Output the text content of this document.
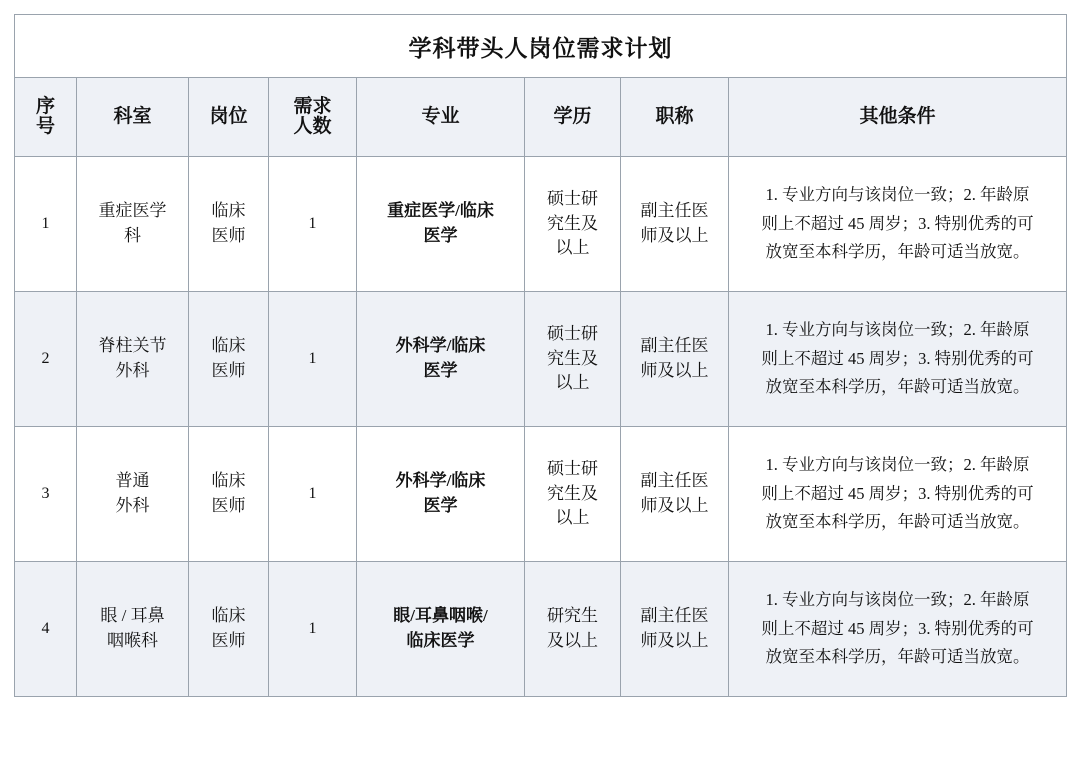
学科带头人岗位需求计划							

序
号	科室	岗位	需求
人数	专业	学历	职称	其他条件
1	重症医学
科	临床
医师	1	重症医学/临床
医学	硕士研
究生及
以上	副主任医
师及以上	1. 专业方向与该岗位一致；2. 年龄原
则上不超过 45 周岁；3. 特别优秀的可
放宽至本科学历，年龄可适当放宽。

2	脊柱关节
外科	临床
医师	1	外科学/临床
医学	硕士研
究生及
以上	副主任医
师及以上	1. 专业方向与该岗位一致；2. 年龄原
则上不超过 45 周岁；3. 特别优秀的可
放宽至本科学历，年龄可适当放宽。

3	普通
外科	临床
医师	1	外科学/临床
医学	硕士研
究生及
以上	副主任医
师及以上	1. 专业方向与该岗位一致；2. 年龄原
则上不超过 45 周岁；3. 特别优秀的可
放宽至本科学历，年龄可适当放宽。

4	眼 / 耳鼻
咽喉科	临床
医师	1	眼/耳鼻咽喉/
临床医学	研究生
及以上	副主任医
师及以上	1. 专业方向与该岗位一致；2. 年龄原
则上不超过 45 周岁；3. 特别优秀的可
放宽至本科学历，年龄可适当放宽。
